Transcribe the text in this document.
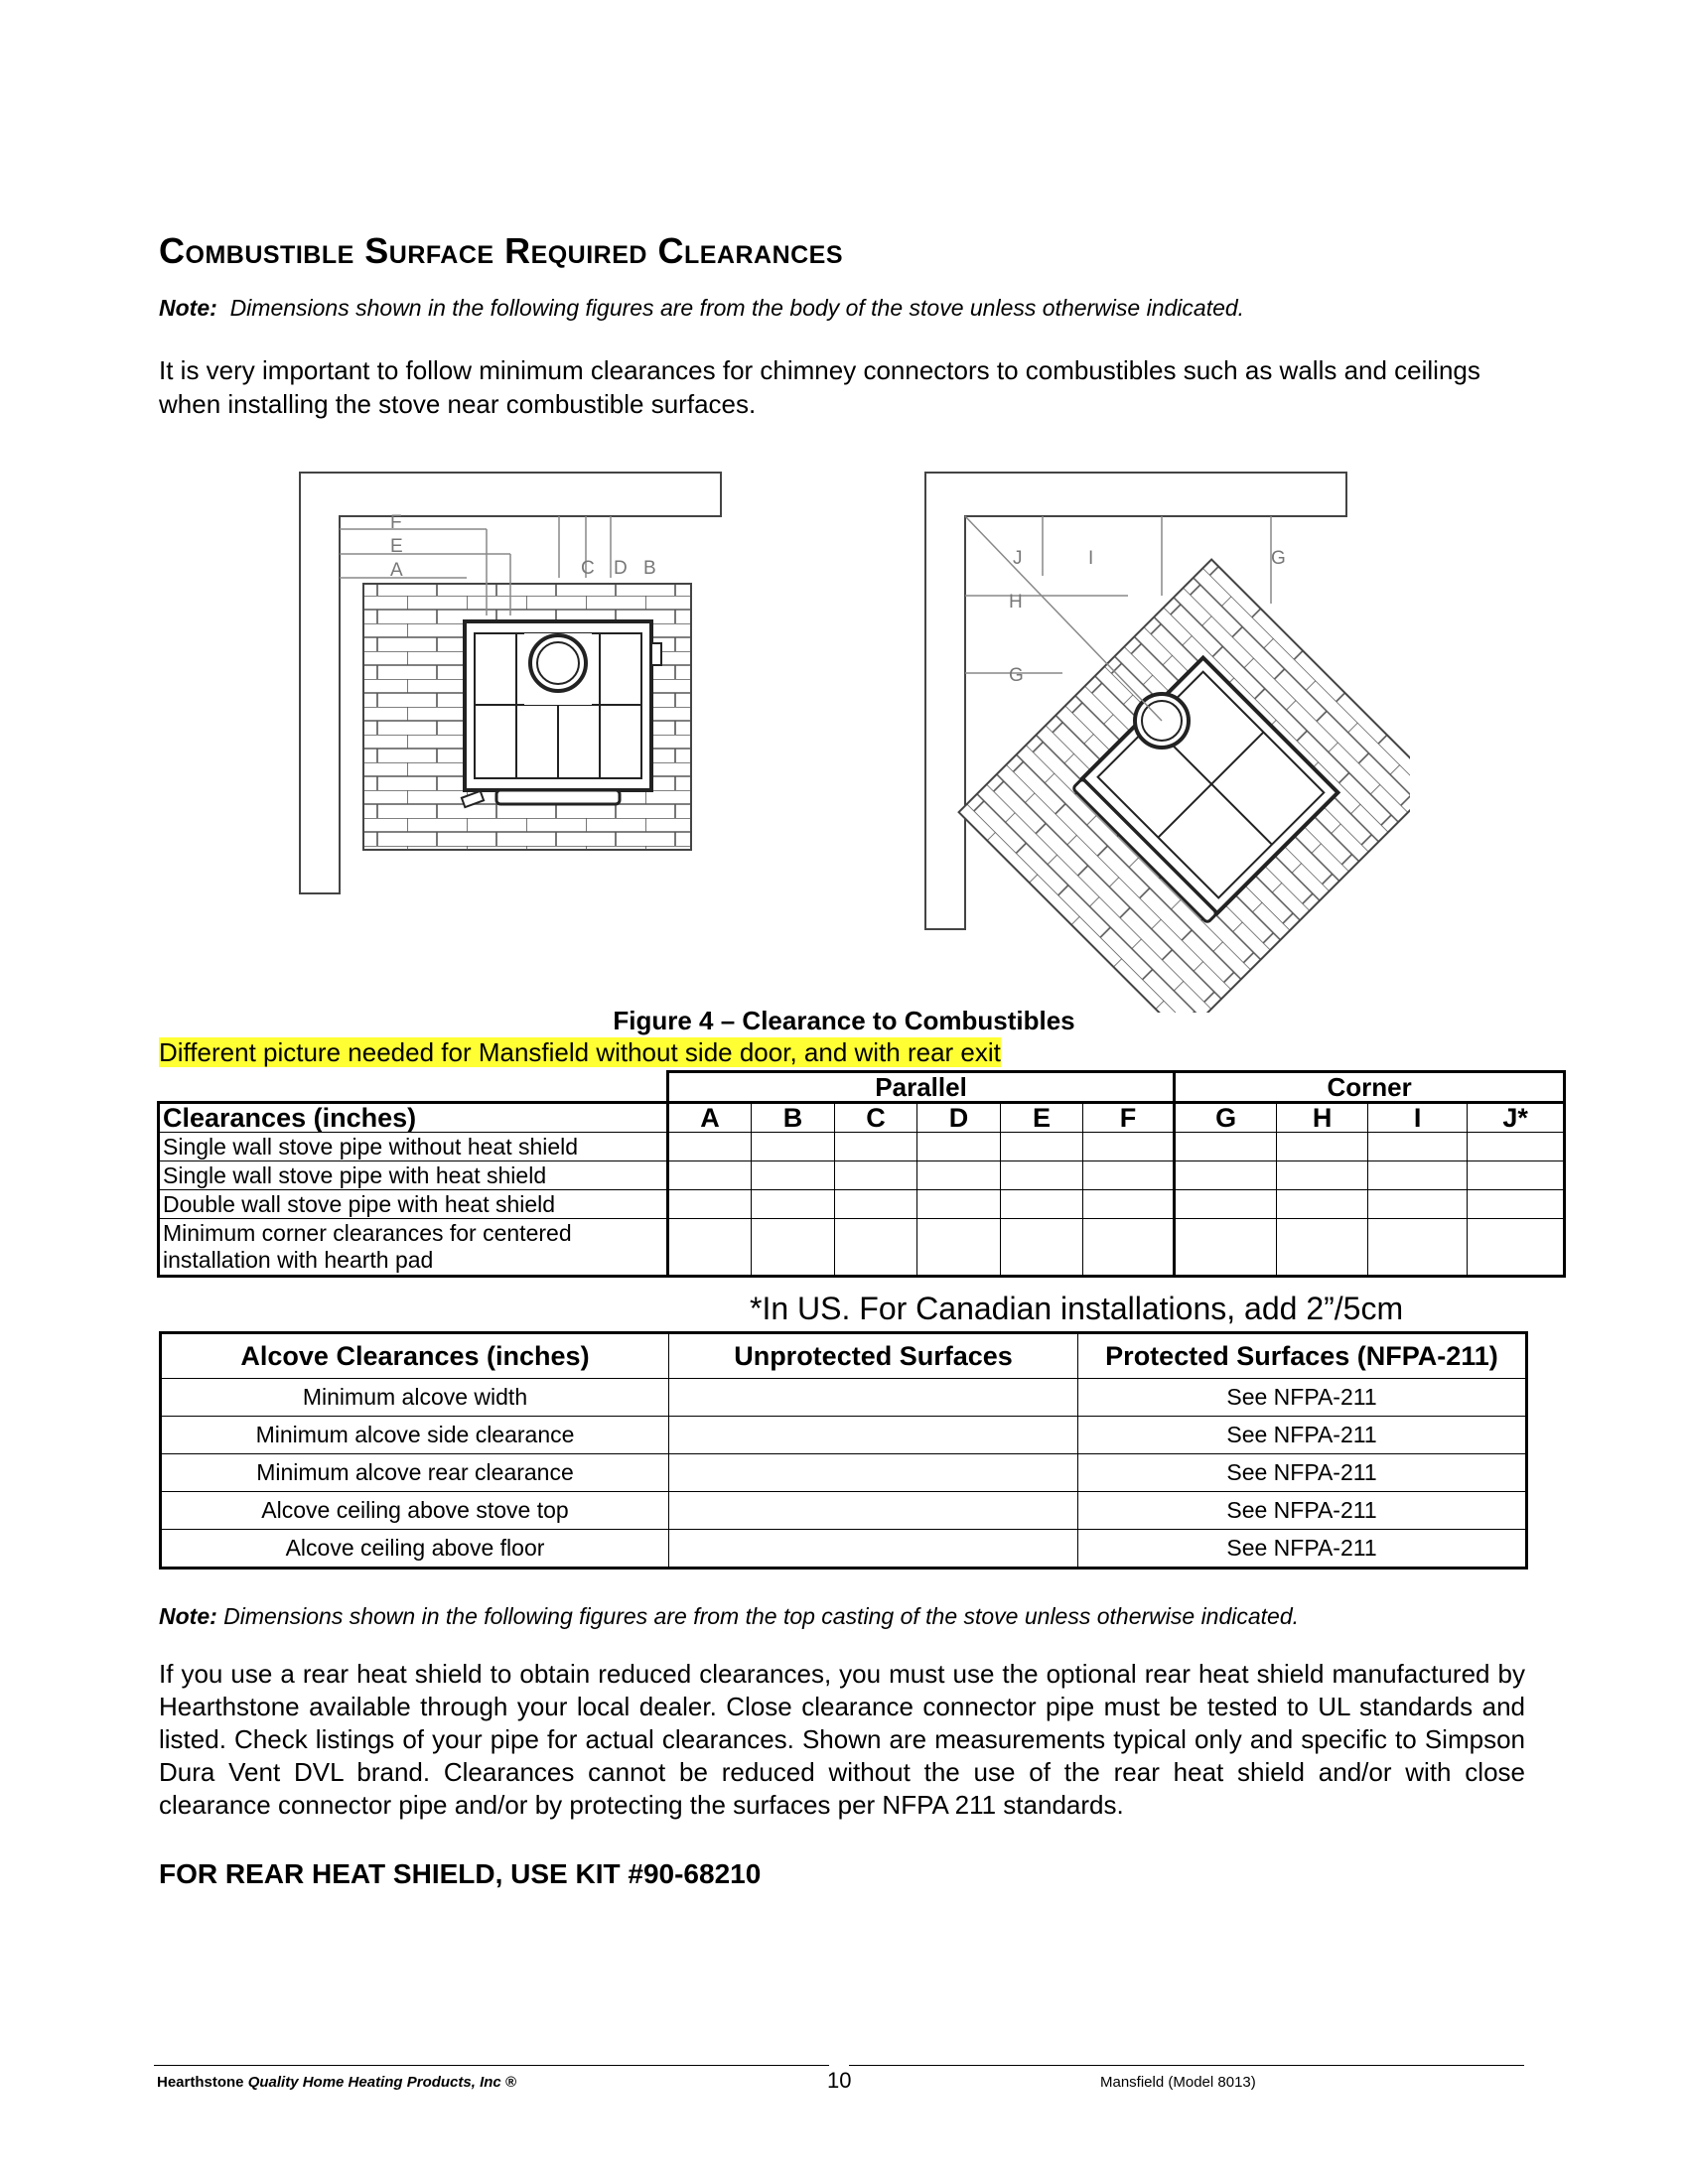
Combustible Surface Required Clearances
Note: Dimensions shown in the following figures are from the body of the stove unless otherwise indicated.

It is very important to follow minimum clearances for chimney connectors to combustibles such as walls and ceilings when installing the stove near combustible surfaces.

F
E
A	C D B	J	I	G
H
G
Figure 4 – Clearance to Combustibles
Different picture needed for Mansfield without side door, and with rear exit
	Parallel						Corner			
Clearances (inches)	A	B	C	D	E	F	G	H	I	J*
Single wall stove pipe without heat shield										
Single wall stove pipe with heat shield										
Double wall stove pipe with heat shield										
Minimum corner clearances for centered installation with hearth pad										
*In US. For Canadian installations, add 2”/5cm
Alcove Clearances (inches)	Unprotected Surfaces	Protected Surfaces (NFPA-211)
Minimum alcove width		See NFPA-211
Minimum alcove side clearance		See NFPA-211
Minimum alcove rear clearance		See NFPA-211
Alcove ceiling above stove top		See NFPA-211
Alcove ceiling above floor		See NFPA-211
Note: Dimensions shown in the following figures are from the top casting of the stove unless otherwise indicated.

If you use a rear heat shield to obtain reduced clearances, you must use the optional rear heat shield manufactured by Hearthstone available through your local dealer. Close clearance connector pipe must be tested to UL standards and listed. Check listings of your pipe for actual clearances. Shown are measurements typical only and specific to Simpson Dura Vent DVL brand. Clearances cannot be reduced without the use of the rear heat shield and/or with close clearance connector pipe and/or by protecting the surfaces per NFPA 211 standards.

FOR REAR HEAT SHIELD, USE KIT #90-68210
Hearthstone Quality Home Heating Products, Inc ®	10	Mansfield (Model 8013)
